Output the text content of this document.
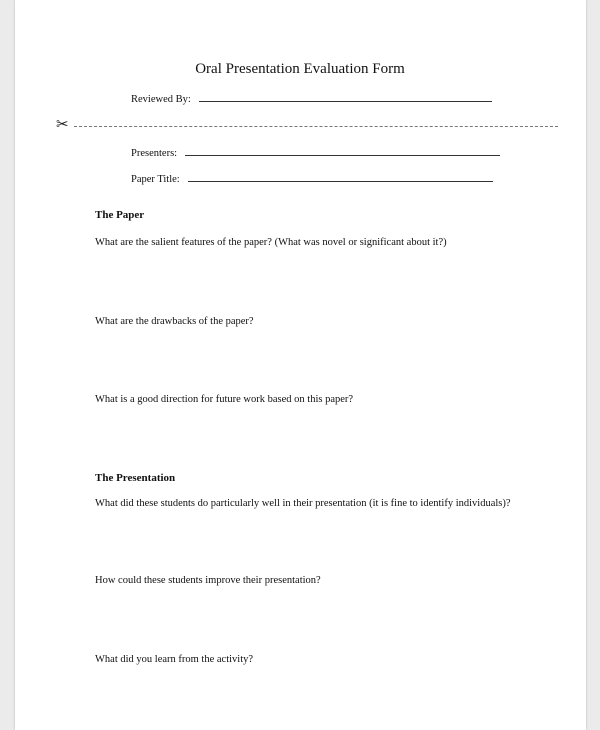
Oral Presentation Evaluation Form
Reviewed By:
✂
Presenters:
Paper Title:
The Paper
What are the salient features of the paper? (What was novel or significant about it?)
What are the drawbacks of the paper?
What is a good direction for future work based on this paper?
The Presentation
What did these students do particularly well in their presentation (it is fine to identify individuals)?
How could these students improve their presentation?
What did you learn from the activity?
